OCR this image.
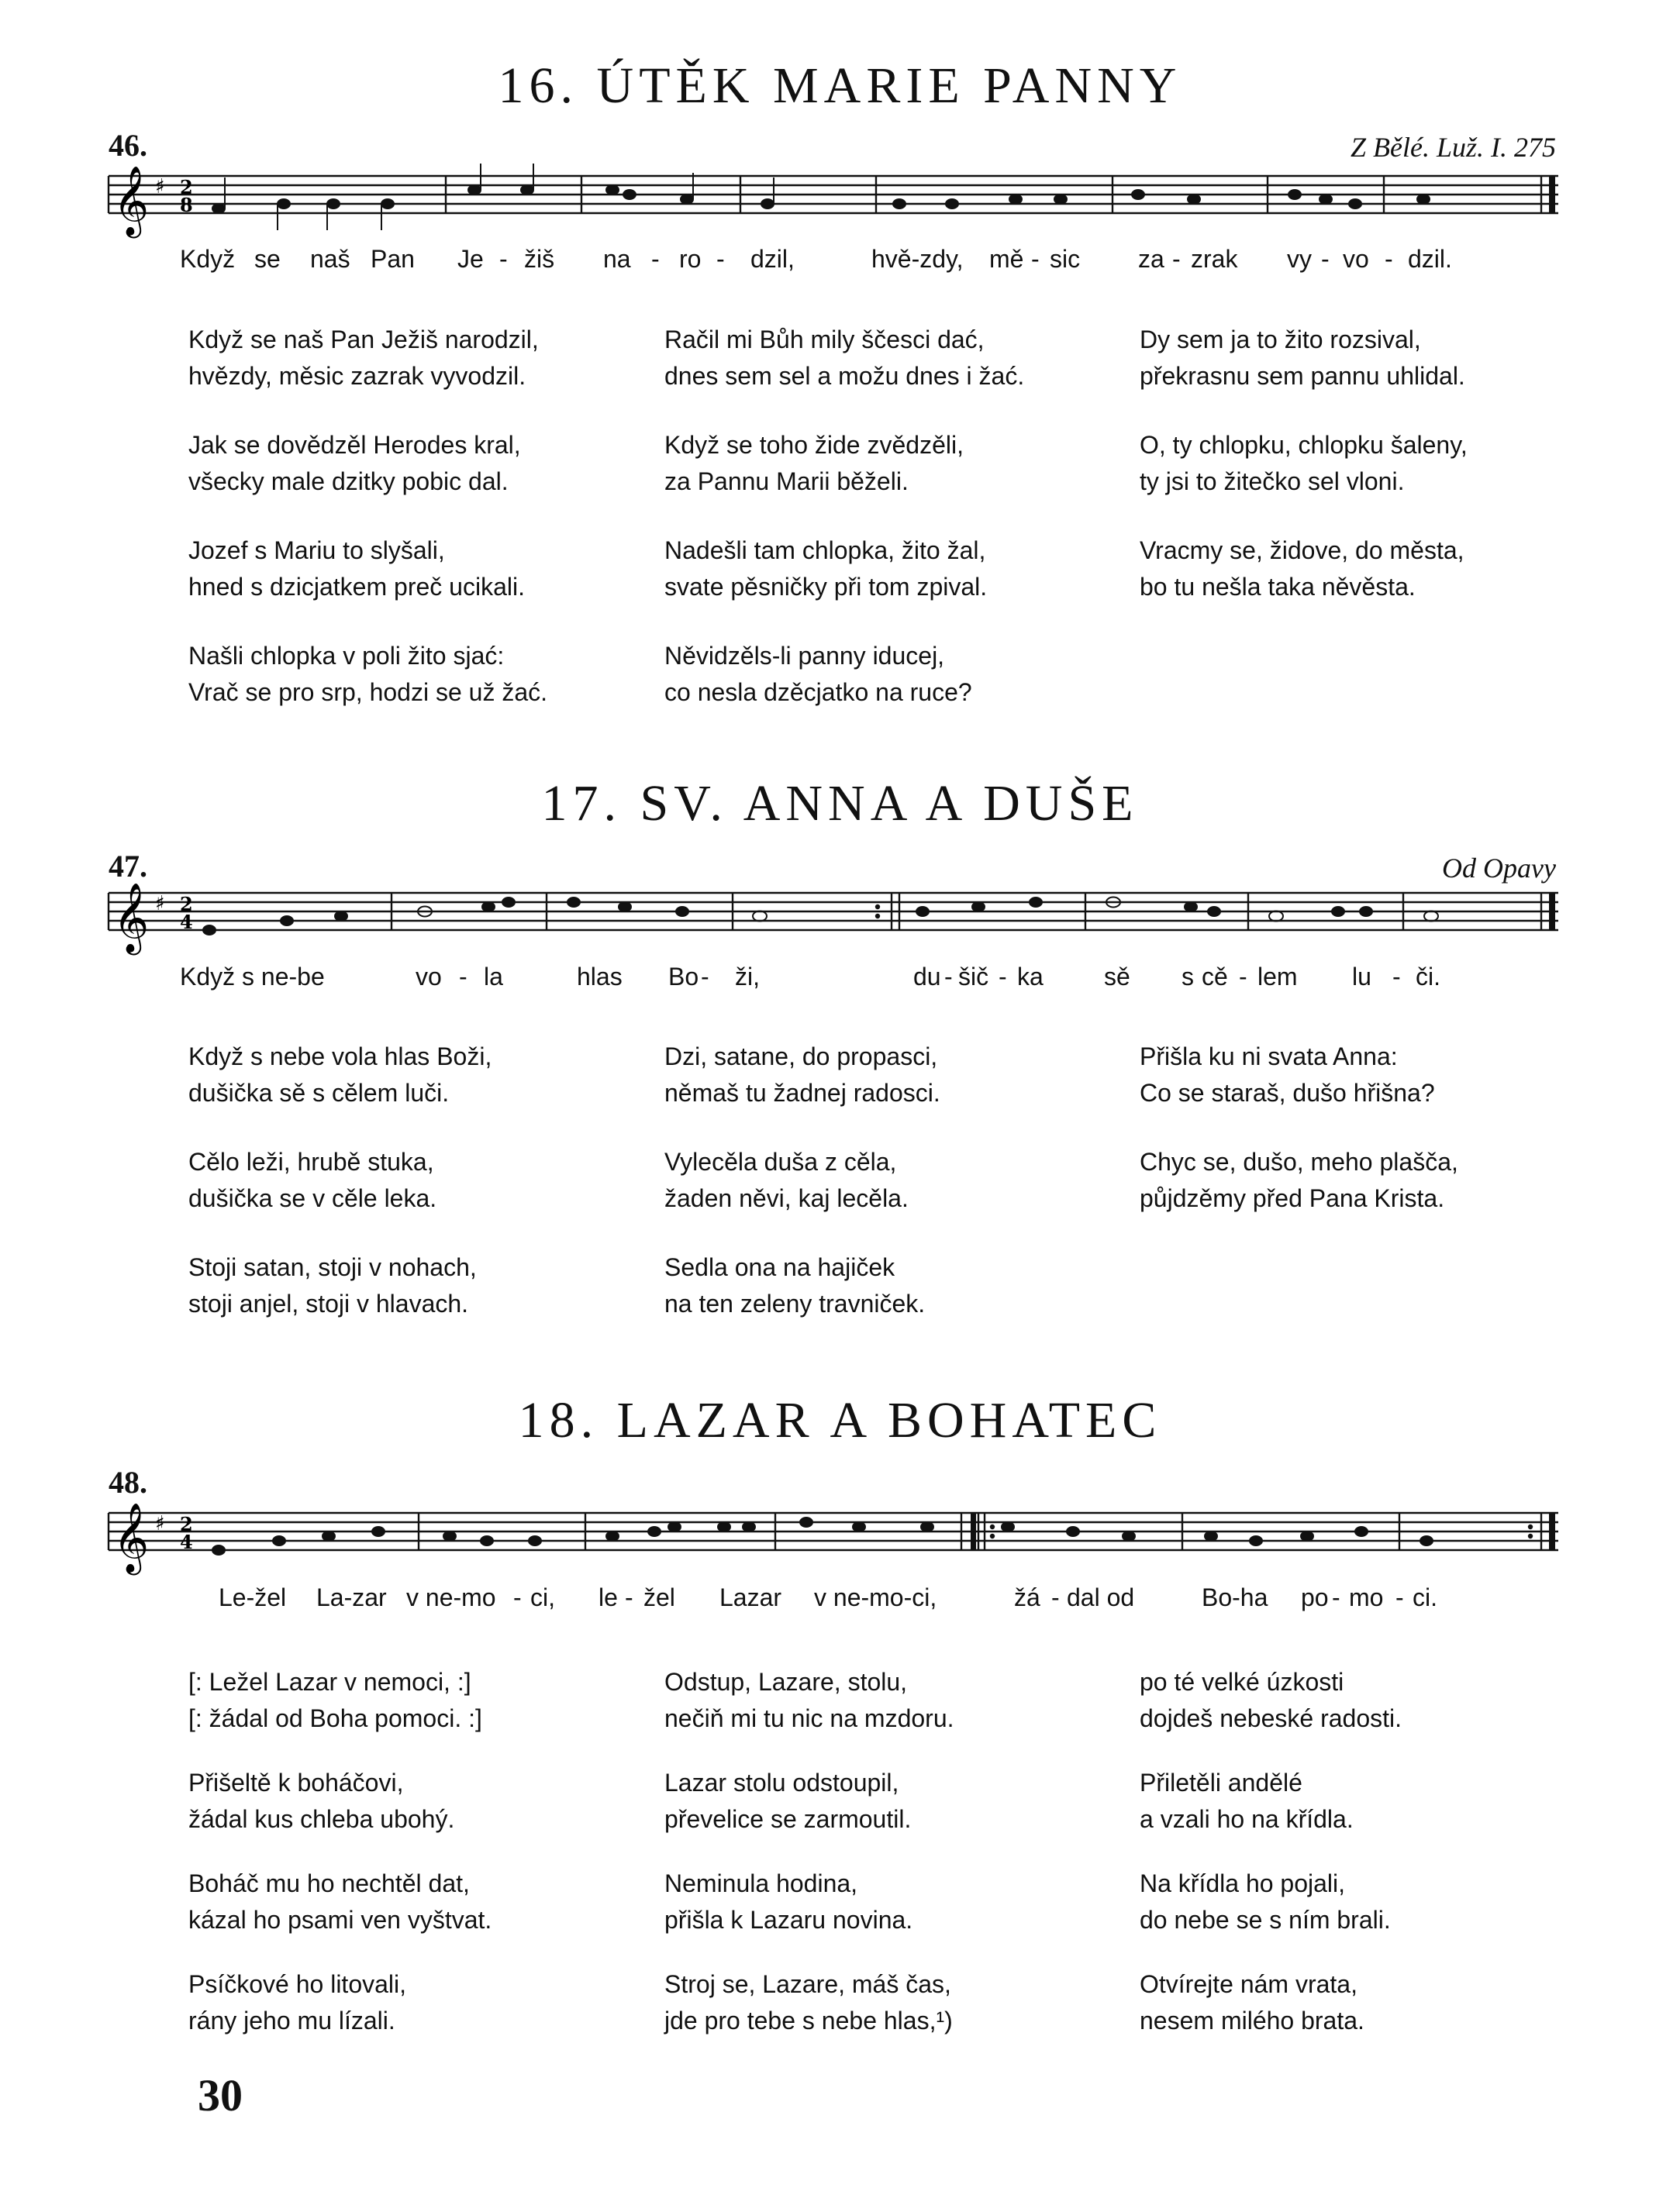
16. ÚTĚK MARIE PANNY
46.	Z Bělé. Luž. I. 275
𝄞 ♯ 2
8
Když se naš Pan Je - žiš na - ro - dzil,	hvě-zdy, mě - sic za - zrak vy - vo - dzil.

Když se naš Pan Ježiš narodzil,
hvězdy, měsic zazrak vyvodzil.

Jak se dovědzěl Herodes kral,
všecky male dzitky pobic dal.

Jozef s Mariu to slyšali,
hned s dzicjatkem preč ucikali.

Našli chlopka v poli žito sjać:
Vrač se pro srp, hodzi se už žać.

Račil mi Bůh mily ščesci dać,
dnes sem sel a možu dnes i žać.

Když se toho žide zvědzěli,
za Pannu Marii běželi.

Nadešli tam chlopka, žito žal,
svate pěsničky při tom zpival.

Něvidzěls-li panny iducej,
co nesla dzěcjatko na ruce?

Dy sem ja to žito rozsival,
překrasnu sem pannu uhlidal.

O, ty chlopku, chlopku šaleny,
ty jsi to žitečko sel vloni.

Vracmy se, židove, do města,
bo tu nešla taka něvěsta.

17. SV. ANNA A DUŠE
47.	Od Opavy
𝄞 ♯ 2
4
Když s ne-be	vo - la	hlas Bo - ži,	du - šič - ka sě s cě - lem lu - či.

Když s nebe vola hlas Boži,
dušička sě s cělem luči.

Cělo leži, hrubě stuka,
dušička se v cěle leka.

Stoji satan, stoji v nohach,
stoji anjel, stoji v hlavach.

Dzi, satane, do propasci,
němaš tu žadnej radosci.

Vylecěla duša z cěla,
žaden něvi, kaj lecěla.

Sedla ona na hajiček
na ten zeleny travniček.

Přišla ku ni svata Anna:
Co se staraš, dušo hřišna?

Chyc se, dušo, meho plašča,
půjdzěmy před Pana Krista.

18. LAZAR A BOHATEC
48.
𝄞 ♯ 2
4
Le-žel La-zar v ne-mo - ci, le - žel Lazar v ne-mo-ci,	žá - dal od	Bo-ha po - mo - ci.

[: Ležel Lazar v nemoci, :]
[: žádal od Boha pomoci. :]

Přišeltě k boháčovi,
žádal kus chleba ubohý.

Boháč mu ho nechtěl dat,
kázal ho psami ven vyštvat.

Psíčkové ho litovali,
rány jeho mu lízali.

Odstup, Lazare, stolu,
nečiň mi tu nic na mzdoru.

Lazar stolu odstoupil,
převelice se zarmoutil.

Neminula hodina,
přišla k Lazaru novina.

Stroj se, Lazare, máš čas,
jde pro tebe s nebe hlas,¹)

po té velké úzkosti
dojdeš nebeské radosti.

Přiletěli andělé
a vzali ho na křídla.

Na křídla ho pojali,
do nebe se s ním brali.

Otvírejte nám vrata,
nesem milého brata.

30
